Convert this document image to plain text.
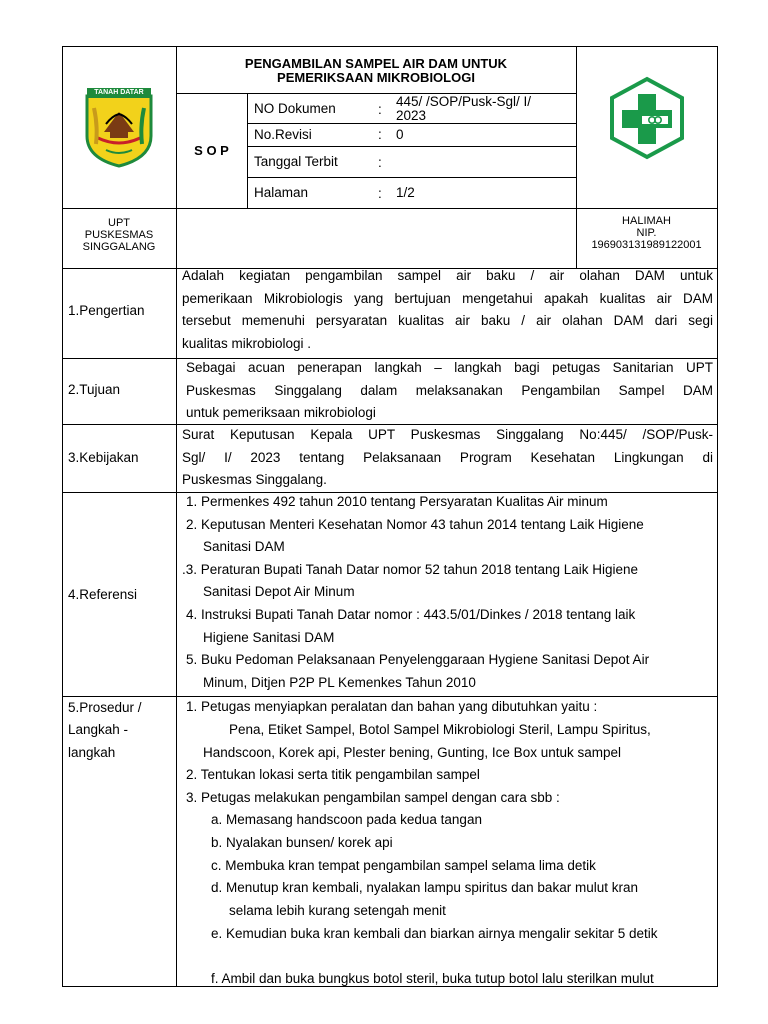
TANAH DATAR
PENGAMBILAN SAMPEL AIR DAM UNTUK
PEMERIKSAAN MIKROBIOLOGI
S O P
NO Dokumen	:
445/ /SOP/Pusk-Sgl/ I/
2023
No.Revisi	: 0
Tanggal Terbit	:
Halaman	: 1/2
UPT
PUSKESMAS
SINGGALANG
HALIMAH
NIP.
196903131989122001
1.Pengertian
Adalah kegiatan pengambilan sampel air baku / air olahan DAM untuk
pemerikaan Mikrobiologis yang bertujuan mengetahui apakah kualitas air DAM
tersebut memenuhi persyaratan kualitas air baku / air olahan DAM dari segi
kualitas mikrobiologi .
2.Tujuan
Sebagai acuan penerapan langkah – langkah bagi petugas Sanitarian UPT
Puskesmas Singgalang dalam melaksanakan Pengambilan Sampel DAM
untuk pemeriksaan mikrobiologi
3.Kebijakan
Surat Keputusan Kepala UPT Puskesmas Singgalang No:445/ /SOP/Pusk-
Sgl/ I/ 2023 tentang Pelaksanaan Program Kesehatan Lingkungan di
Puskesmas Singgalang.
4.Referensi
1. Permenkes 492 tahun 2010 tentang Persyaratan Kualitas Air minum
2. Keputusan Menteri Kesehatan Nomor 43 tahun 2014 tentang Laik Higiene
Sanitasi DAM
.3. Peraturan Bupati Tanah Datar nomor 52 tahun 2018 tentang Laik Higiene
Sanitasi Depot Air Minum
4. Instruksi Bupati Tanah Datar nomor : 443.5/01/Dinkes / 2018 tentang laik
Higiene Sanitasi DAM
5. Buku Pedoman Pelaksanaan Penyelenggaraan Hygiene Sanitasi Depot Air
Minum, Ditjen P2P PL Kemenkes Tahun 2010
5.Prosedur /
Langkah -
langkah
1. Petugas menyiapkan peralatan dan bahan yang dibutuhkan yaitu :
Pena, Etiket Sampel, Botol Sampel Mikrobiologi Steril, Lampu Spiritus,
Handscoon, Korek api, Plester bening, Gunting, Ice Box untuk sampel
2. Tentukan lokasi serta titik pengambilan sampel
3. Petugas melakukan pengambilan sampel dengan cara sbb :
a. Memasang handscoon pada kedua tangan
b. Nyalakan bunsen/ korek api
c. Membuka kran tempat pengambilan sampel selama lima detik
d. Menutup kran kembali, nyalakan lampu spiritus dan bakar mulut kran
selama lebih kurang setengah menit
e. Kemudian buka kran kembali dan biarkan airnya mengalir sekitar 5 detik
f. Ambil dan buka bungkus botol steril, buka tutup botol lalu sterilkan mulut
